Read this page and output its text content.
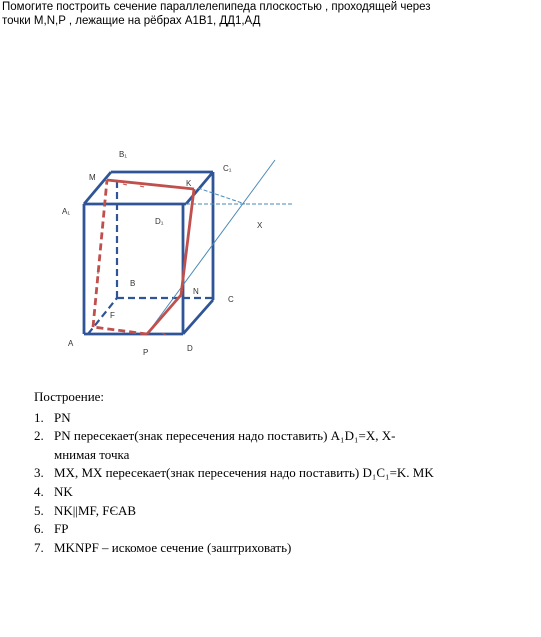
Помогите построить сечение параллелепипеда плоскостью , проходящей через
точки M,N,P , лежащие на рёбрах A1B1, ДД1,АД
B₁
C₁
M
K
A₁
D₁	X
B
N
C
F
A
P	D
Построение:
1. PN
2. PN пересекает(знак пересечения надо поставить) A₁D₁=X, X-
мнимая точка
3. MX, MX пересекает(знак пересечения надо поставить) D₁C₁=K. MK
4. NK
5. NK||MF, FЄAB
6. FP
7. MKNPF – искомое сечение (заштриховать)
